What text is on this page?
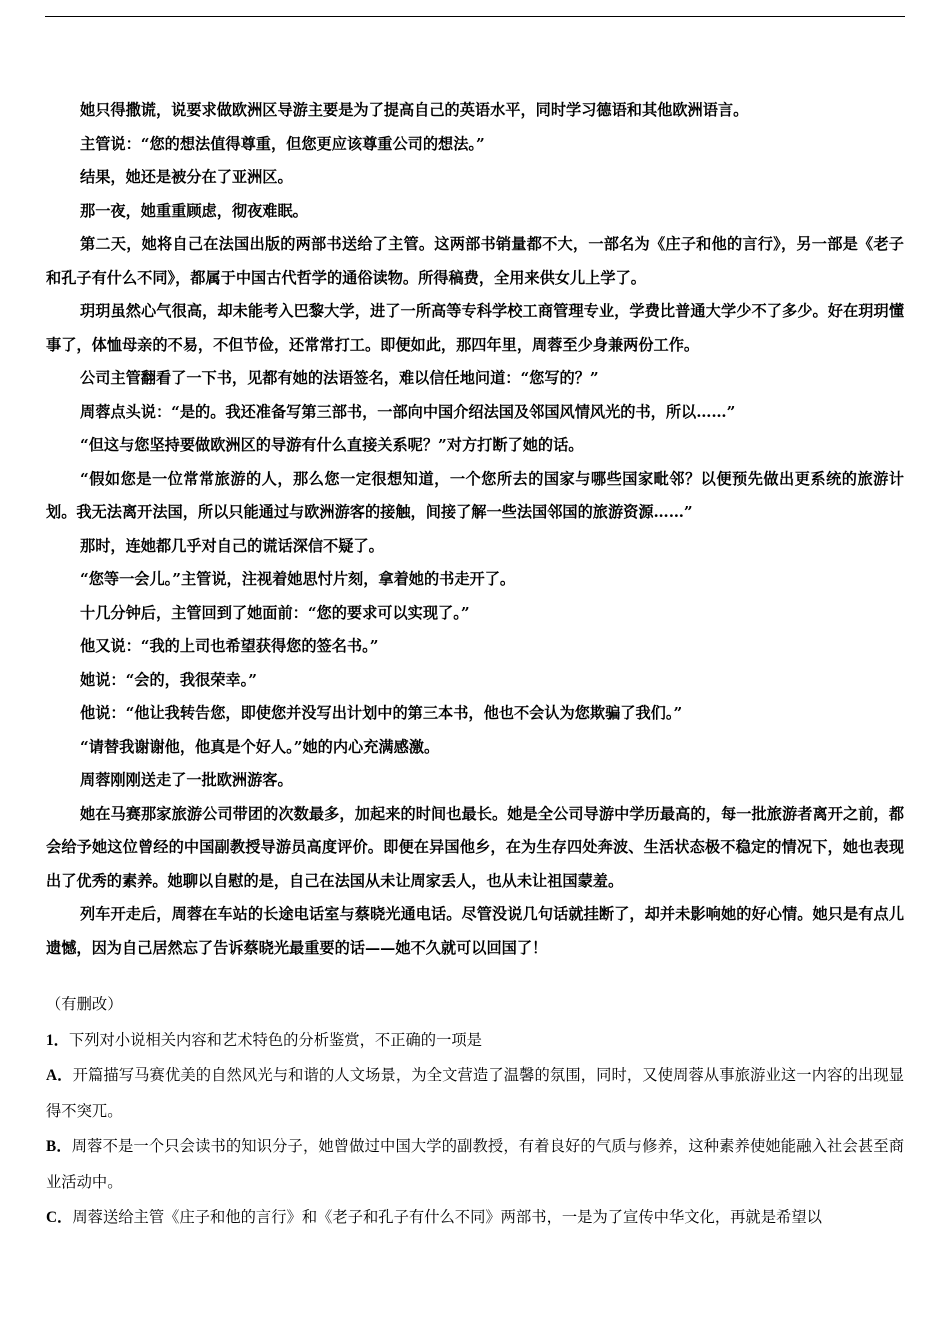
她只得撒谎，说要求做欧洲区导游主要是为了提高自己的英语水平，同时学习德语和其他欧洲语言。

主管说：“您的想法值得尊重，但您更应该尊重公司的想法。”

结果，她还是被分在了亚洲区。

那一夜，她重重顾虑，彻夜难眠。

第二天，她将自己在法国出版的两部书送给了主管。这两部书销量都不大，一部名为《庄子和他的言行》，另一部是《老子和孔子有什么不同》，都属于中国古代哲学的通俗读物。所得稿费，全用来供女儿上学了。

玥玥虽然心气很高，却未能考入巴黎大学，进了一所高等专科学校工商管理专业，学费比普通大学少不了多少。好在玥玥懂事了，体恤母亲的不易，不但节俭，还常常打工。即便如此，那四年里，周蓉至少身兼两份工作。

公司主管翻看了一下书，见都有她的法语签名，难以信任地问道：“您写的？”

周蓉点头说：“是的。我还准备写第三部书，一部向中国介绍法国及邻国风情风光的书，所以……”

“但这与您坚持要做欧洲区的导游有什么直接关系呢？”对方打断了她的话。

“假如您是一位常常旅游的人，那么您一定很想知道，一个您所去的国家与哪些国家毗邻？以便预先做出更系统的旅游计划。我无法离开法国，所以只能通过与欧洲游客的接触，间接了解一些法国邻国的旅游资源……”

那时，连她都几乎对自己的谎话深信不疑了。

“您等一会儿。”主管说，注视着她思忖片刻，拿着她的书走开了。

十几分钟后，主管回到了她面前：“您的要求可以实现了。”

他又说：“我的上司也希望获得您的签名书。”

她说：“会的，我很荣幸。”

他说：“他让我转告您，即使您并没写出计划中的第三本书，他也不会认为您欺骗了我们。”

“请替我谢谢他，他真是个好人。”她的内心充满感激。

周蓉刚刚送走了一批欧洲游客。

她在马赛那家旅游公司带团的次数最多，加起来的时间也最长。她是全公司导游中学历最高的，每一批旅游者离开之前，都会给予她这位曾经的中国副教授导游员高度评价。即便在异国他乡，在为生存四处奔波、生活状态极不稳定的情况下，她也表现出了优秀的素养。她聊以自慰的是，自己在法国从未让周家丢人，也从未让祖国蒙羞。

列车开走后，周蓉在车站的长途电话室与蔡晓光通电话。尽管没说几句话就挂断了，却并未影响她的好心情。她只是有点儿遗憾，因为自己居然忘了告诉蔡晓光最重要的话——她不久就可以回国了！

（有删改）

1．下列对小说相关内容和艺术特色的分析鉴赏，不正确的一项是

A．开篇描写马赛优美的自然风光与和谐的人文场景，为全文营造了温馨的氛围，同时，又使周蓉从事旅游业这一内容的出现显得不突兀。

B．周蓉不是一个只会读书的知识分子，她曾做过中国大学的副教授，有着良好的气质与修养，这种素养使她能融入社会甚至商业活动中。

C．周蓉送给主管《庄子和他的言行》和《老子和孔子有什么不同》两部书，一是为了宣传中华文化，再就是希望以
